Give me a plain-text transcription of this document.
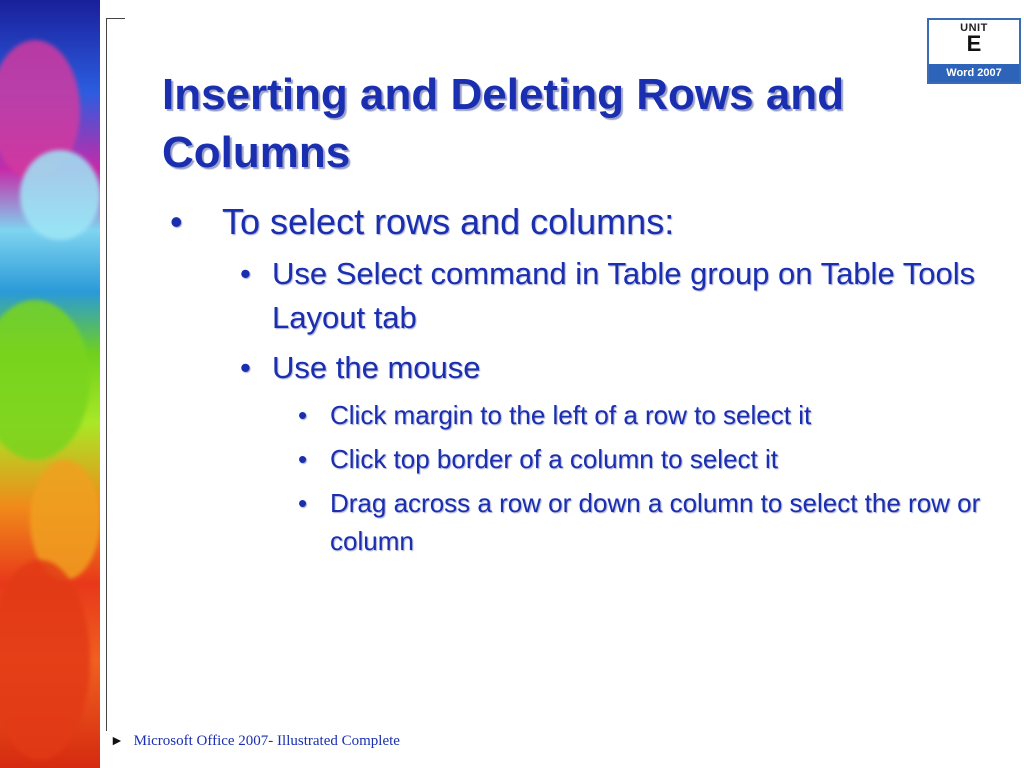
UNIT
E
Word 2007
Inserting and Deleting Rows and Columns
• To select rows and columns:
• Use Select command in Table group on Table Tools Layout tab
• Use the mouse
• Click margin to the left of a row to select it
• Click top border of a column to select it
• Drag across a row or down a column to select the row or column
► Microsoft Office 2007- Illustrated Complete
